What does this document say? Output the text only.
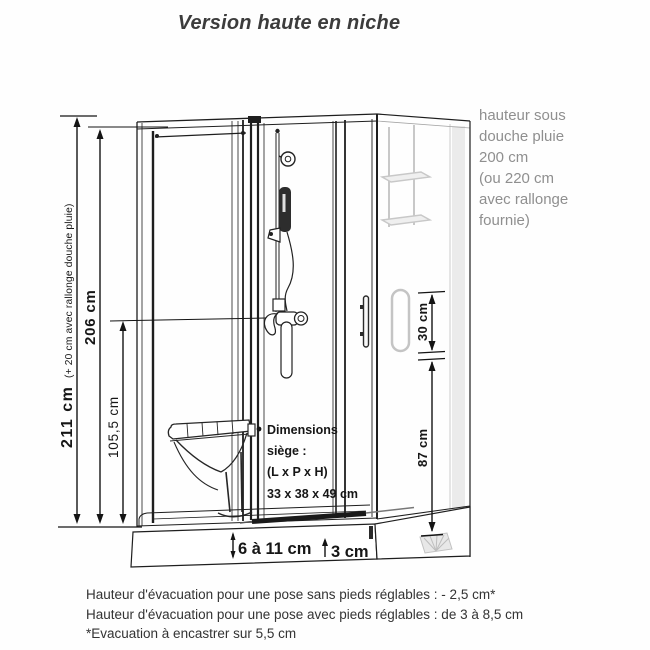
Version haute en niche
hauteur sous
douche pluie
200 cm
(ou 220 cm
avec rallonge
fournie)
211 cm
(+ 20 cm avec rallonge douche pluie) 206 cm
105,5 cm
30 cm
87 cm
6 à 11 cm 3 cm
Dimensions
siège :
(L x P x H)
33 x 38 x 49 cm
Hauteur d'évacuation pour une pose sans pieds réglables : - 2,5 cm*
Hauteur d'évacuation pour une pose avec pieds réglables : de 3 à 8,5 cm
*Evacuation à encastrer sur 5,5 cm
